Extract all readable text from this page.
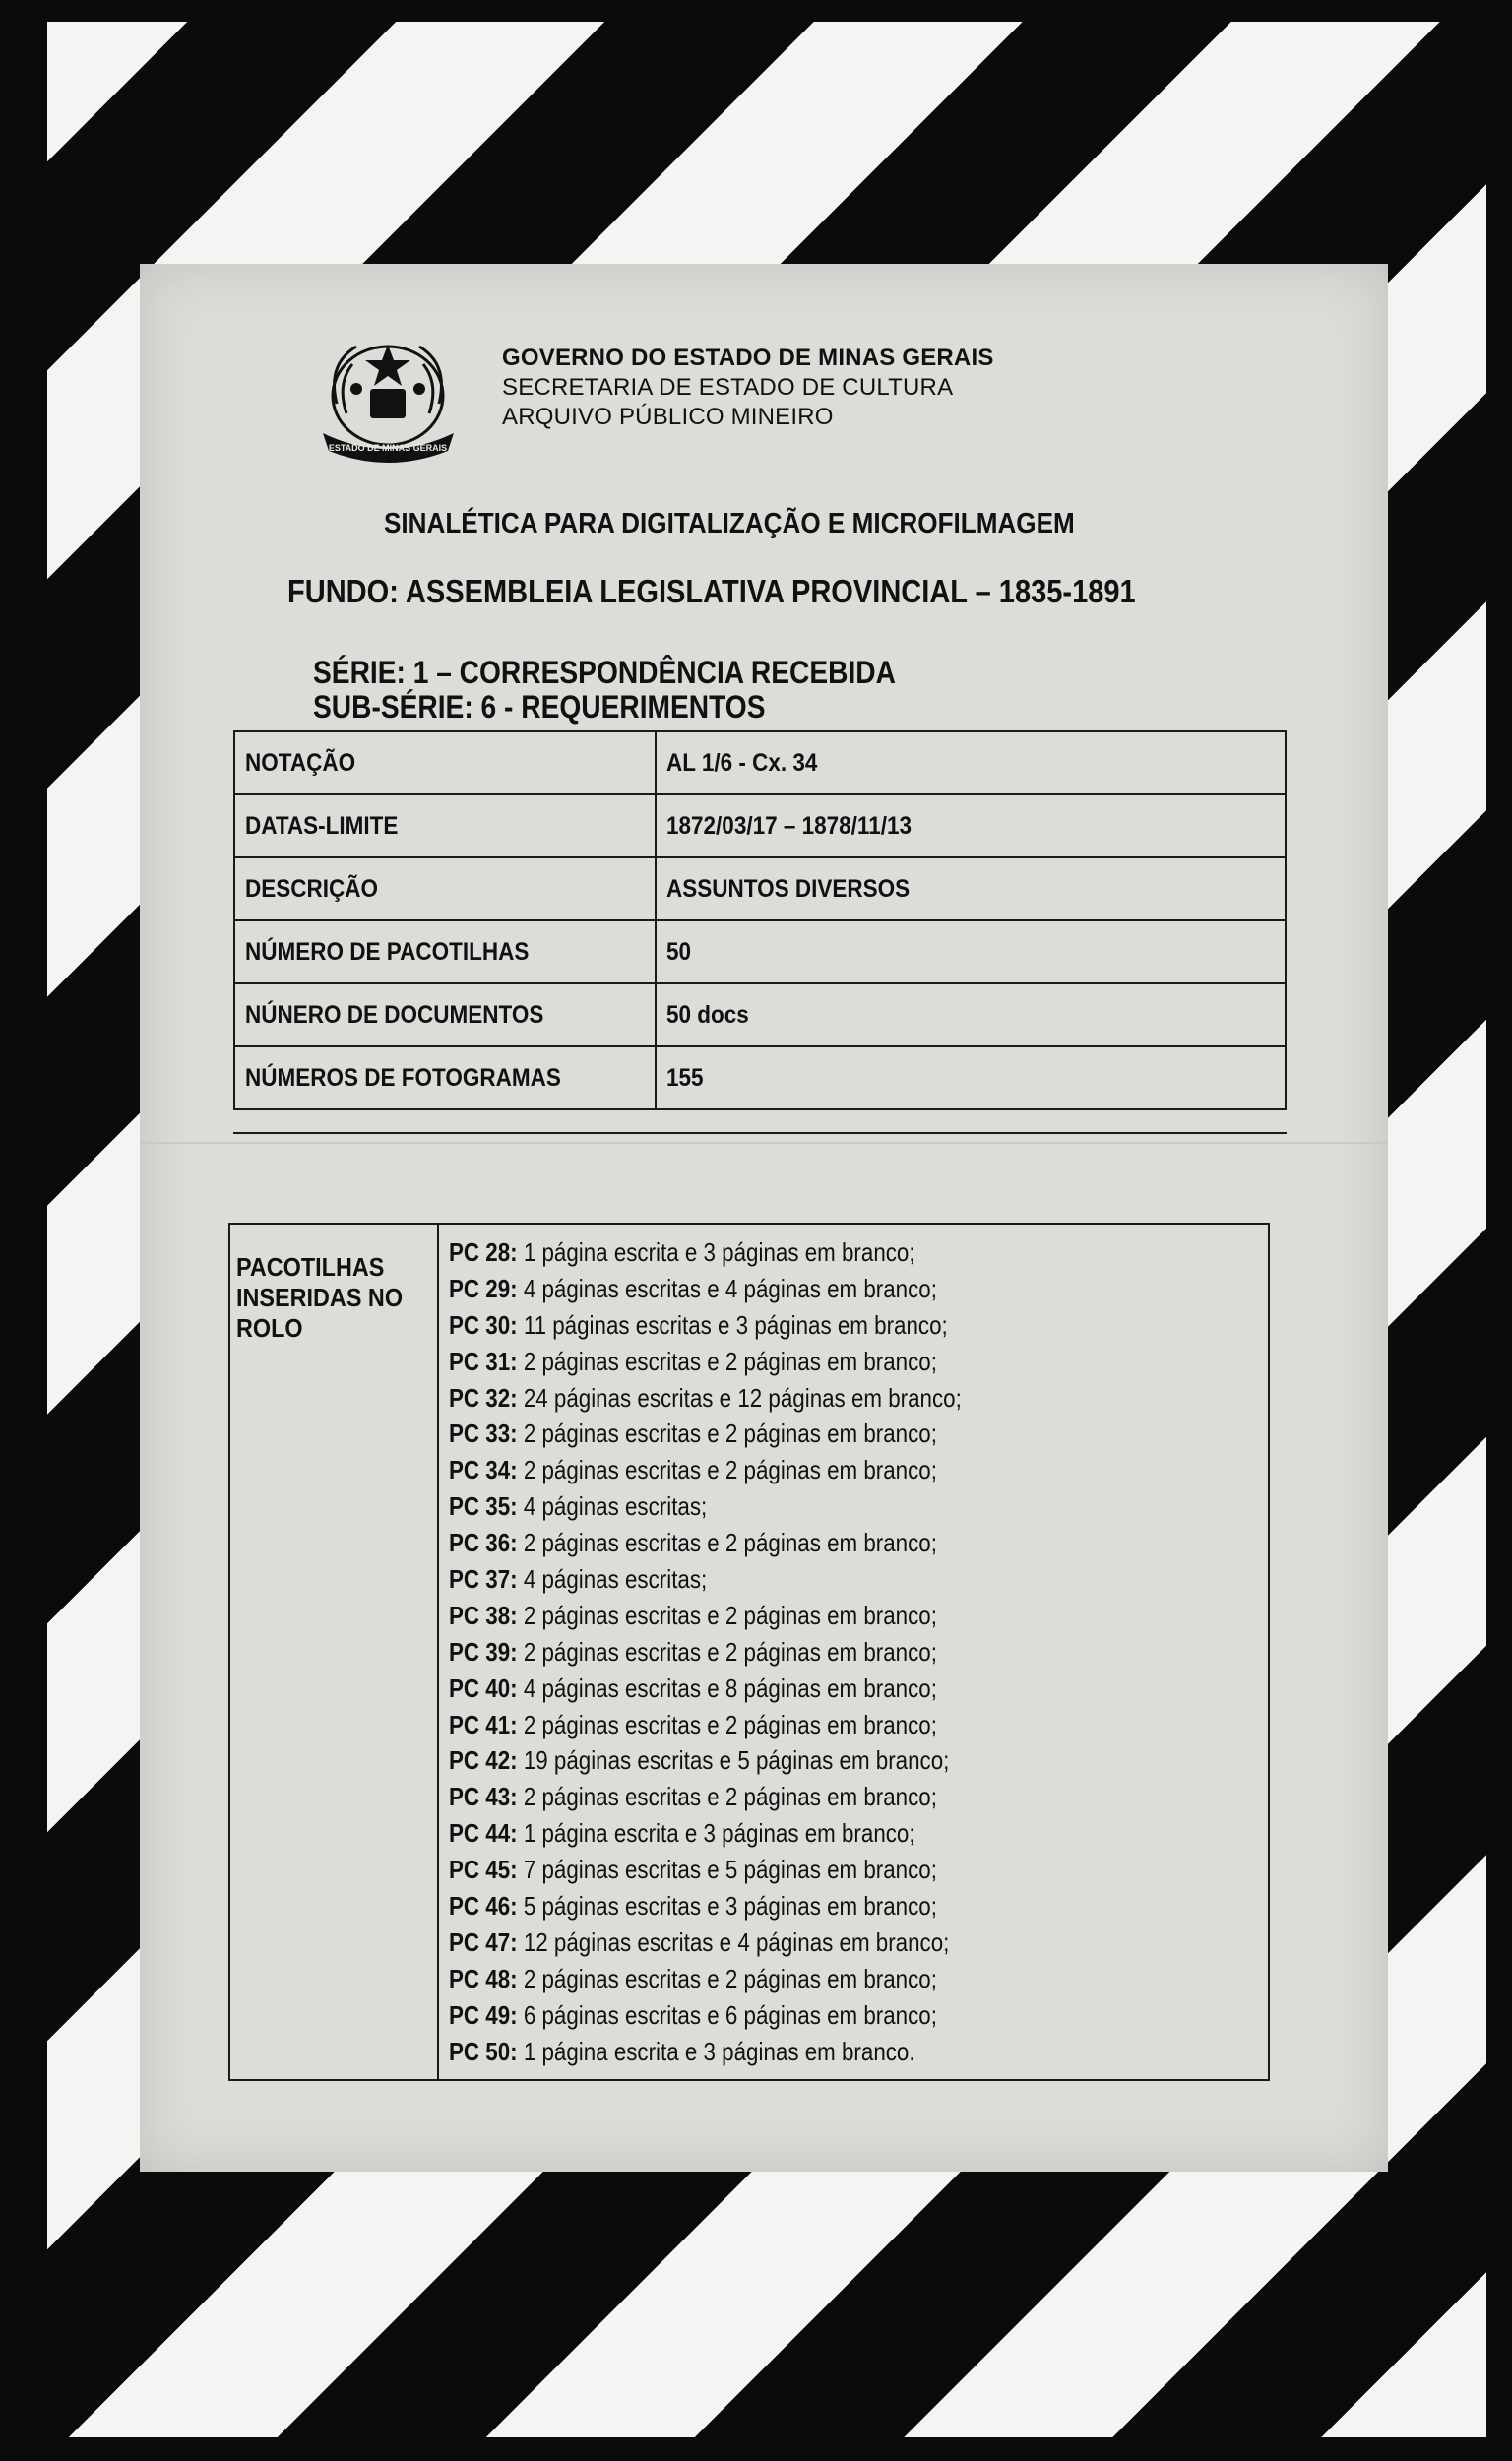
ESTADO DE MINAS GERAIS
GOVERNO DO ESTADO DE MINAS GERAIS
SECRETARIA DE ESTADO DE CULTURA
ARQUIVO PÚBLICO MINEIRO
SINALÉTICA PARA DIGITALIZAÇÃO E MICROFILMAGEM
FUNDO: ASSEMBLEIA LEGISLATIVA PROVINCIAL – 1835-1891
SÉRIE: 1 – CORRESPONDÊNCIA RECEBIDA
SUB-SÉRIE: 6 - REQUERIMENTOS
NOTAÇÃO	AL 1/6 - Cx. 34
DATAS-LIMITE	1872/03/17 – 1878/11/13
DESCRIÇÃO	ASSUNTOS DIVERSOS
NÚMERO DE PACOTILHAS	50
NÚNERO DE DOCUMENTOS	50 docs
NÚMEROS DE FOTOGRAMAS	155
PACOTILHAS
INSERIDAS NO
ROLO

PC 28: 1 página escrita e 3 páginas em branco;
PC 29: 4 páginas escritas e 4 páginas em branco;
PC 30: 11 páginas escritas e 3 páginas em branco;
PC 31: 2 páginas escritas e 2 páginas em branco;
PC 32: 24 páginas escritas e 12 páginas em branco;
PC 33: 2 páginas escritas e 2 páginas em branco;
PC 34: 2 páginas escritas e 2 páginas em branco;
PC 35: 4 páginas escritas;
PC 36: 2 páginas escritas e 2 páginas em branco;
PC 37: 4 páginas escritas;
PC 38: 2 páginas escritas e 2 páginas em branco;
PC 39: 2 páginas escritas e 2 páginas em branco;
PC 40: 4 páginas escritas e 8 páginas em branco;
PC 41: 2 páginas escritas e 2 páginas em branco;
PC 42: 19 páginas escritas e 5 páginas em branco;
PC 43: 2 páginas escritas e 2 páginas em branco;
PC 44: 1 página escrita e 3 páginas em branco;
PC 45: 7 páginas escritas e 5 páginas em branco;
PC 46: 5 páginas escritas e 3 páginas em branco;
PC 47: 12 páginas escritas e 4 páginas em branco;
PC 48: 2 páginas escritas e 2 páginas em branco;
PC 49: 6 páginas escritas e 6 páginas em branco;
PC 50: 1 página escrita e 3 páginas em branco.
